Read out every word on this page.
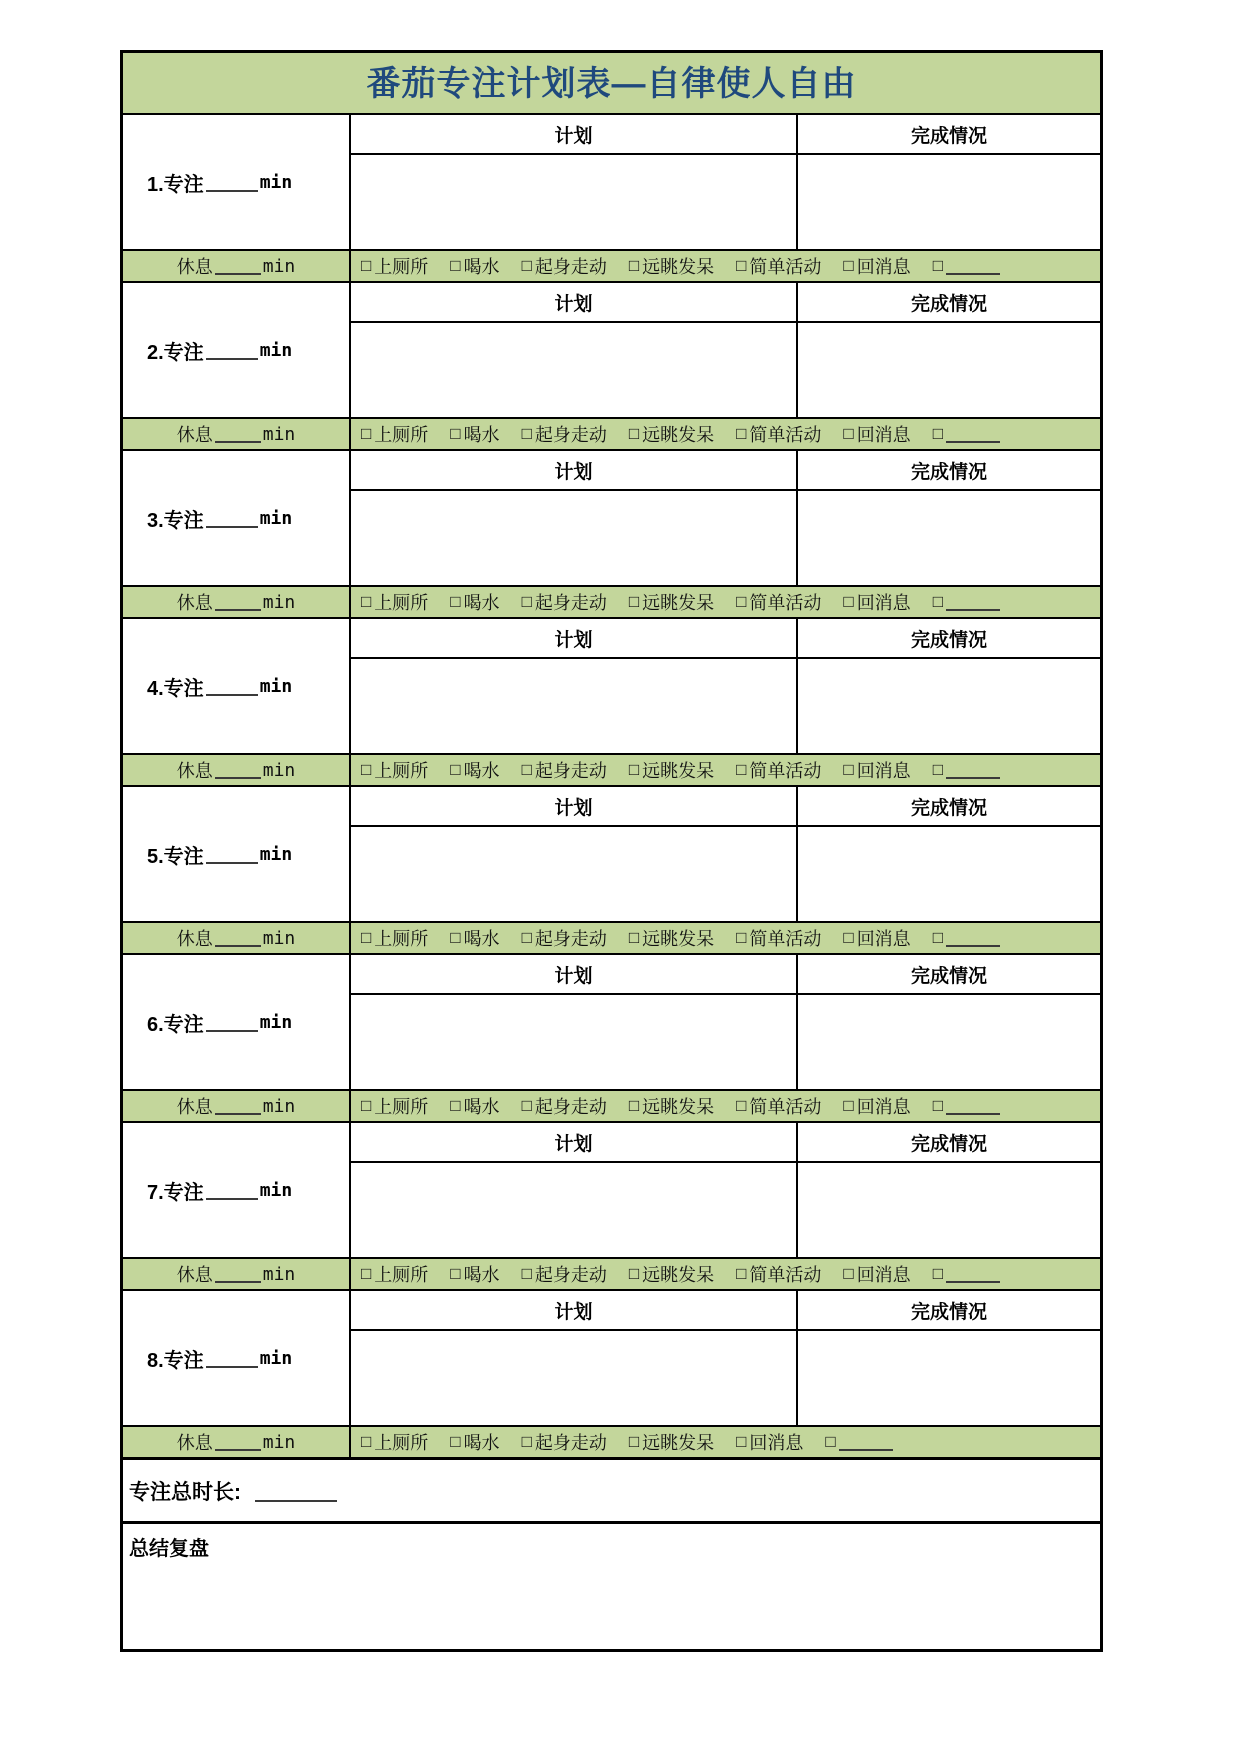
番茄专注计划表—自律使人自由
1.专注	min
计划	完成情况
休息	min	□ 上厕所 □ 喝水 □ 起身走动 □ 远眺发呆 □ 简单活动 □ 回消息 □
2.专注	min
计划	完成情况
休息	min	□ 上厕所 □ 喝水 □ 起身走动 □ 远眺发呆 □ 简单活动 □ 回消息 □
3.专注	min
计划	完成情况
休息	min	□ 上厕所 □ 喝水 □ 起身走动 □ 远眺发呆 □ 简单活动 □ 回消息 □
4.专注	min
计划	完成情况
休息	min	□ 上厕所 □ 喝水 □ 起身走动 □ 远眺发呆 □ 简单活动 □ 回消息 □
5.专注	min
计划	完成情况
休息	min	□ 上厕所 □ 喝水 □ 起身走动 □ 远眺发呆 □ 简单活动 □ 回消息 □
6.专注	min
计划	完成情况
休息	min	□ 上厕所 □ 喝水 □ 起身走动 □ 远眺发呆 □ 简单活动 □ 回消息 □
7.专注	min
计划	完成情况
休息	min	□ 上厕所 □ 喝水 □ 起身走动 □ 远眺发呆 □ 简单活动 □ 回消息 □
8.专注	min
计划	完成情况
休息	min	□ 上厕所 □ 喝水 □ 起身走动 □ 远眺发呆 □ 回消息 □
专注总时长:
总结复盘
